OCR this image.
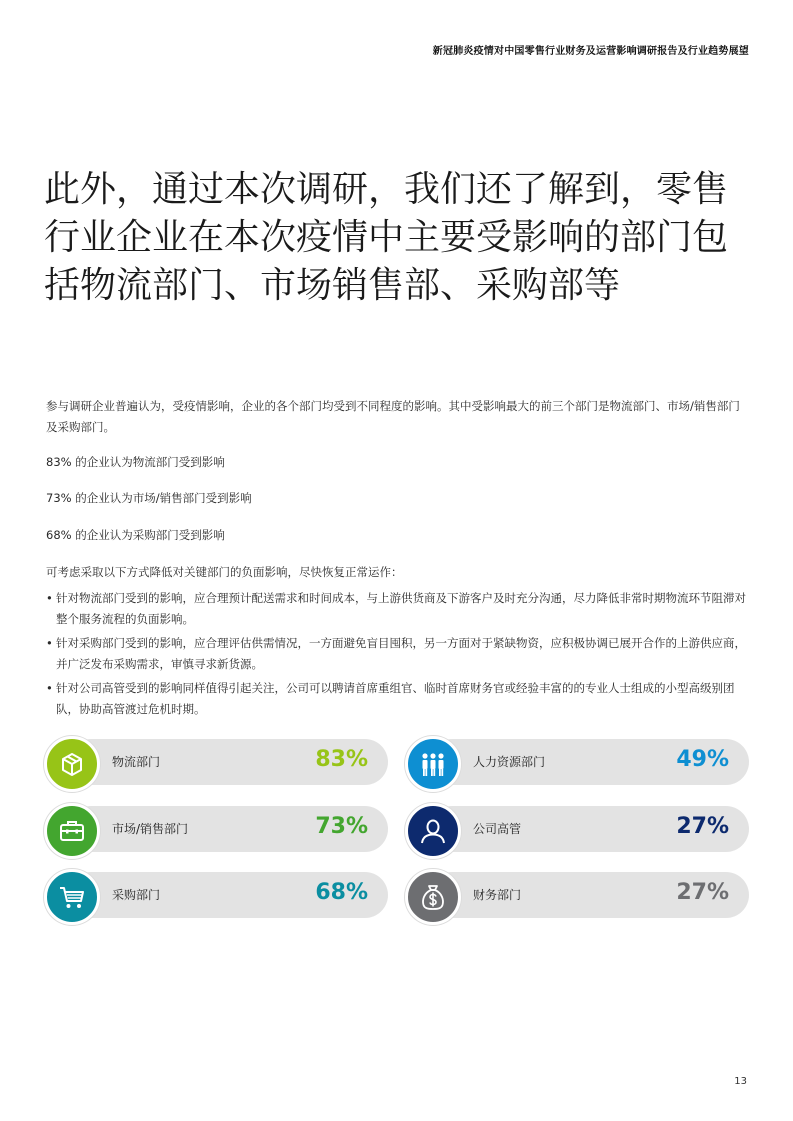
新冠肺炎疫情对中国零售行业财务及运营影响调研报告及行业趋势展望
此外，通过本次调研，我们还了解到，零售行业企业在本次疫情中主要受影响的部门包括物流部门、市场销售部、采购部等

参与调研企业普遍认为，受疫情影响，企业的各个部门均受到不同程度的影响。其中受影响最大的前三个部门是物流部门、市场/销售部门及采购部门。

83% 的企业认为物流部门受到影响

73% 的企业认为市场/销售部门受到影响

68% 的企业认为采购部门受到影响

可考虑采取以下方式降低对关键部门的负面影响，尽快恢复正常运作：

• 针对物流部门受到的影响，应合理预计配送需求和时间成本，与上游供货商及下游客户及时充分沟通，尽力降低非常时期物流环节阻滞对整个服务流程的负面影响。
• 针对采购部门受到的影响，应合理评估供需情况，一方面避免盲目囤积，另一方面对于紧缺物资，应积极协调已展开合作的上游供应商，并广泛发布采购需求，审慎寻求新货源。
• 针对公司高管受到的影响同样值得引起关注，公司可以聘请首席重组官、临时首席财务官或经验丰富的的专业人士组成的小型高级别团队，协助高管渡过危机时期。
物流部门	83%	人力资源部门	49%
市场/销售部门	73%	公司高管	27%
采购部门	68%	财务部门	27%
13
